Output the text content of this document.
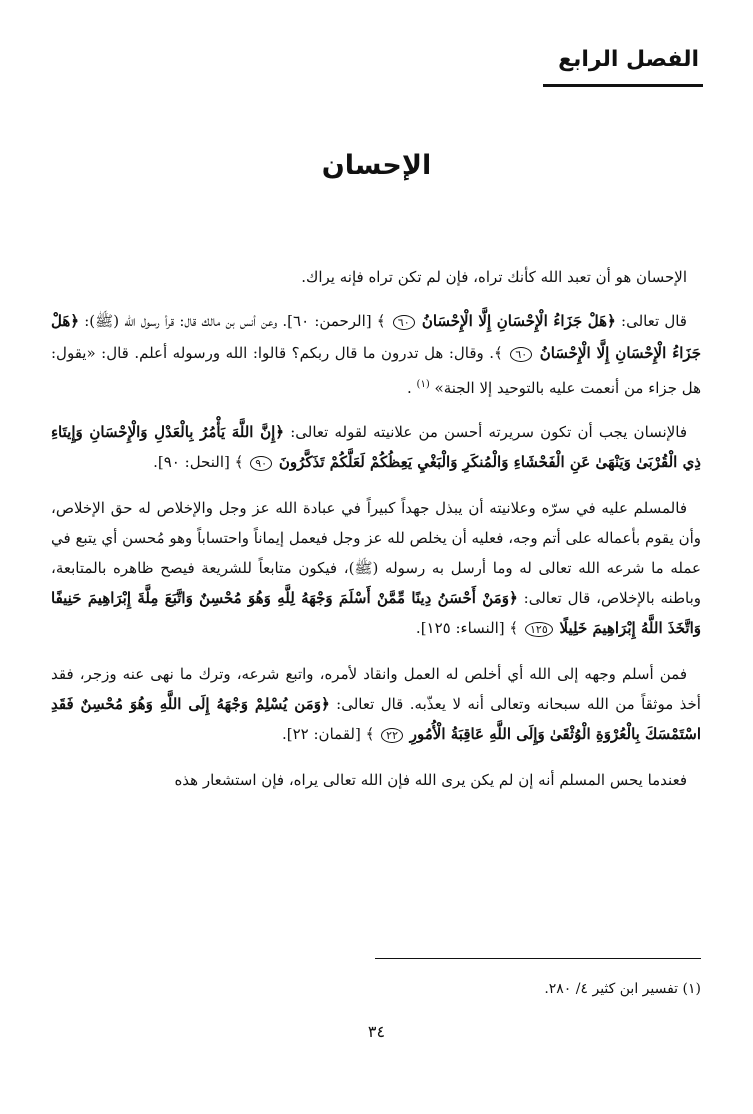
الفصل الرابع
الإحسان

الإحسان هو أن تعبد الله كأنك تراه، فإن لم تكن تراه فإنه يراك.

قال تعالى: ﴿هَلْ جَزَاءُ الْإِحْسَانِ إِلَّا الْإِحْسَانُ ٦٠ ﴾ [الرحمن: ٦٠]. وعن أنس بن مالك قال: قرأ رسول الله (ﷺ): ﴿هَلْ جَزَاءُ الْإِحْسَانِ إِلَّا الْإِحْسَانُ ٦٠ ﴾. وقال: هل تدرون ما قال ربكم؟ قالوا: الله ورسوله أعلم. قال: «يقول: هل جزاء من أنعمت عليه بالتوحيد إلا الجنة» $^{(١)}$ .

فالإنسان يجب أن تكون سريرته أحسن من علانيته لقوله تعالى: ﴿إِنَّ اللَّهَ يَأْمُرُ بِالْعَدْلِ وَالْإِحْسَانِ وَإِيتَاءِ ذِي الْقُرْبَىٰ وَيَنْهَىٰ عَنِ الْفَحْشَاءِ وَالْمُنكَرِ وَالْبَغْيِ يَعِظُكُمْ لَعَلَّكُمْ تَذَكَّرُونَ ٩٠ ﴾ [النحل: ٩٠].

فالمسلم عليه في سرّه وعلانيته أن يبذل جهداً كبيراً في عبادة الله عز وجل والإخلاص له حق الإخلاص، وأن يقوم بأعماله على أتم وجه، فعليه أن يخلص لله عز وجل فيعمل إيماناً واحتساباً وهو مُحسن أي يتبع في عمله ما شرعه الله تعالى له وما أرسل به رسوله (ﷺ)، فيكون متابعاً للشريعة فيصح ظاهره بالمتابعة، وباطنه بالإخلاص، قال تعالى: ﴿وَمَنْ أَحْسَنُ دِينًا مِّمَّنْ أَسْلَمَ وَجْهَهُ لِلَّهِ وَهُوَ مُحْسِنٌ وَاتَّبَعَ مِلَّةَ إِبْرَاهِيمَ حَنِيفًا وَاتَّخَذَ اللَّهُ إِبْرَاهِيمَ خَلِيلًا ١٢٥ ﴾ [النساء: ١٢٥].

فمن أسلم وجهه إلى الله أي أخلص له العمل وانقاد لأمره، واتبع شرعه، وترك ما نهى عنه وزجر، فقد أخذ موثقاً من الله سبحانه وتعالى أنه لا يعذّبه. قال تعالى: ﴿وَمَن يُسْلِمْ وَجْهَهُ إِلَى اللَّهِ وَهُوَ مُحْسِنٌ فَقَدِ اسْتَمْسَكَ بِالْعُرْوَةِ الْوُثْقَىٰ وَإِلَى اللَّهِ عَاقِبَةُ الْأُمُورِ ٢٢ ﴾ [لقمان: ٢٢].

فعندما يحس المسلم أنه إن لم يكن يرى الله فإن الله تعالى يراه، فإن استشعار هذه

(١) تفسير ابن كثير ٤/ ٢٨٠.
٣٤
